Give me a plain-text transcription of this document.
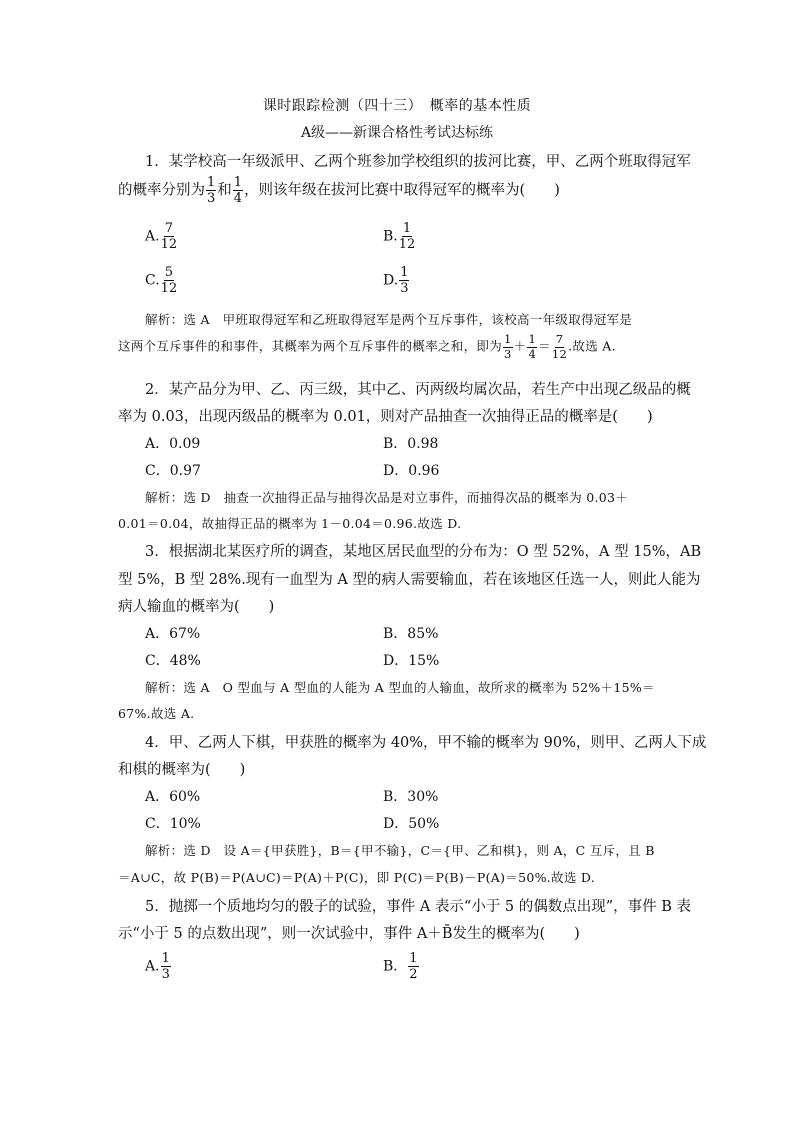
课时跟踪检测（四十三）　概率的基本性质
A级——新课合格性考试达标练
1．某学校高一年级派甲、乙两个班参加学校组织的拔河比赛，甲、乙两个班取得冠军
的概率分别为 $\frac{1}{3}$ 和 $\frac{1}{4}$ ，则该年级在拔河比赛中取得冠军的概率为(　　)
A. $\frac{7}{12}$	B. $\frac{1}{12}$
C. $\frac{5}{12}$	D. $\frac{1}{3}$
解析：选 A　甲班取得冠军和乙班取得冠军是两个互斥事件，该校高一年级取得冠军是
这两个互斥事件的和事件，其概率为两个互斥事件的概率之和，即为 $\frac{1}{3} + \frac{1}{4} = \frac{7}{12}$ .故选 A.
2．某产品分为甲、乙、丙三级，其中乙、丙两级均属次品，若生产中出现乙级品的概
率为 0.03，出现丙级品的概率为 0.01，则对产品抽查一次抽得正品的概率是(　　)
A．0.09	B．0.98
C．0.97	D．0.96
解析：选 D　抽查一次抽得正品与抽得次品是对立事件，而抽得次品的概率为 0.03＋
0.01＝0.04，故抽得正品的概率为 1－0.04＝0.96.故选 D.
3．根据湖北某医疗所的调查，某地区居民血型的分布为：O 型 52%，A 型 15%，AB
型 5%，B 型 28%.现有一血型为 A 型的病人需要输血，若在该地区任选一人，则此人能为
病人输血的概率为(　　)
A．67%	B．85%
C．48%	D．15%
解析：选 A　O 型血与 A 型血的人能为 A 型血的人输血，故所求的概率为 52%＋15%＝
67%.故选 A.
4．甲、乙两人下棋，甲获胜的概率为 40%，甲不输的概率为 90%，则甲、乙两人下成
和棋的概率为(　　)
A．60%	B．30%
C．10%	D．50%
解析：选 D　设 A＝{甲获胜}，B＝{甲不输}，C＝{甲、乙和棋}，则 A，C 互斥，且 B
＝A∪C，故 P(B)＝P(A∪C)＝P(A)＋P(C)，即 P(C)＝P(B)－P(A)＝50%.故选 D.
5．抛掷一个质地均匀的骰子的试验，事件 A 表示“小于 5 的偶数点出现”，事件 B 表
示“小于 5 的点数出现”，则一次试验中，事件 A＋B̄发生的概率为(　　)
A. $\frac{1}{3}$	B． $\frac{1}{2}$
